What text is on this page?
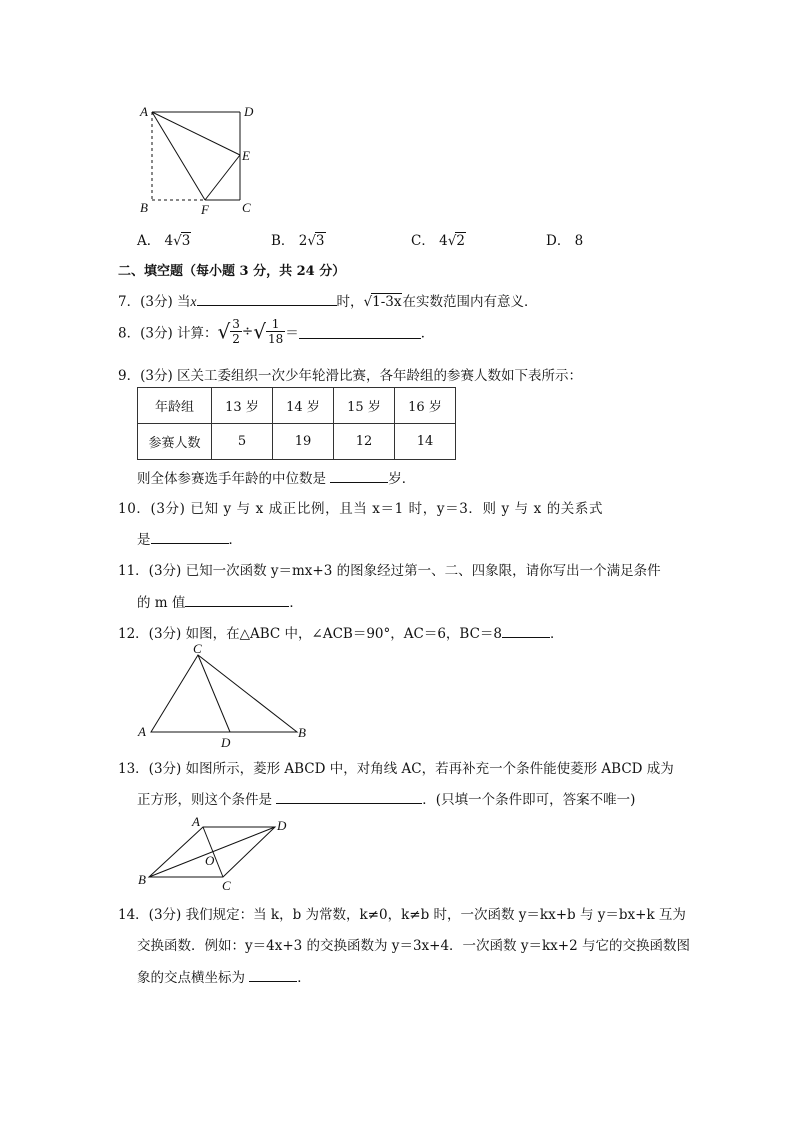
A	D
E
B	F	C
A． 4√3	B． 2√3	C． 4√2	D． 8
二、填空题（每小题 3 分，共 24 分）
7．(3分) 当x	时，√1-3x在实数范围内有意义．
8．(3分) 计算：√ $\frac{3}{2}$ ÷√ $\frac{1}{18}$ ＝	．
9．(3分) 区关工委组织一次少年轮滑比赛，各年龄组的参赛人数如下表所示：
年龄组	13 岁	14 岁	15 岁	16 岁
参赛人数	5	19	12	14
则全体参赛选手年龄的中位数是	岁．
10．(3分) 已知 y 与 x 成正比例，且当 x＝1 时，y＝3．则 y 与 x 的关系式
是	．
11．(3分) 已知一次函数 y＝mx+3 的图象经过第一、二、四象限，请你写出一个满足条件
的 m 值	．
12．(3分) 如图，在△ABC 中，∠ACB＝90°，AC＝6，BC＝8	．
C
A
D
B
13．(3分) 如图所示，菱形 ABCD 中，对角线 AC，若再补充一个条件能使菱形 ABCD 成为
正方形，则这个条件是	．(只填一个条件即可，答案不唯一)
A	D
O
B	C
14．(3分) 我们规定：当 k，b 为常数，k≠0，k≠b 时，一次函数 y＝kx+b 与 y＝bx+k 互为
交换函数．例如：y＝4x+3 的交换函数为 y＝3x+4．一次函数 y＝kx+2 与它的交换函数图
象的交点横坐标为	．
